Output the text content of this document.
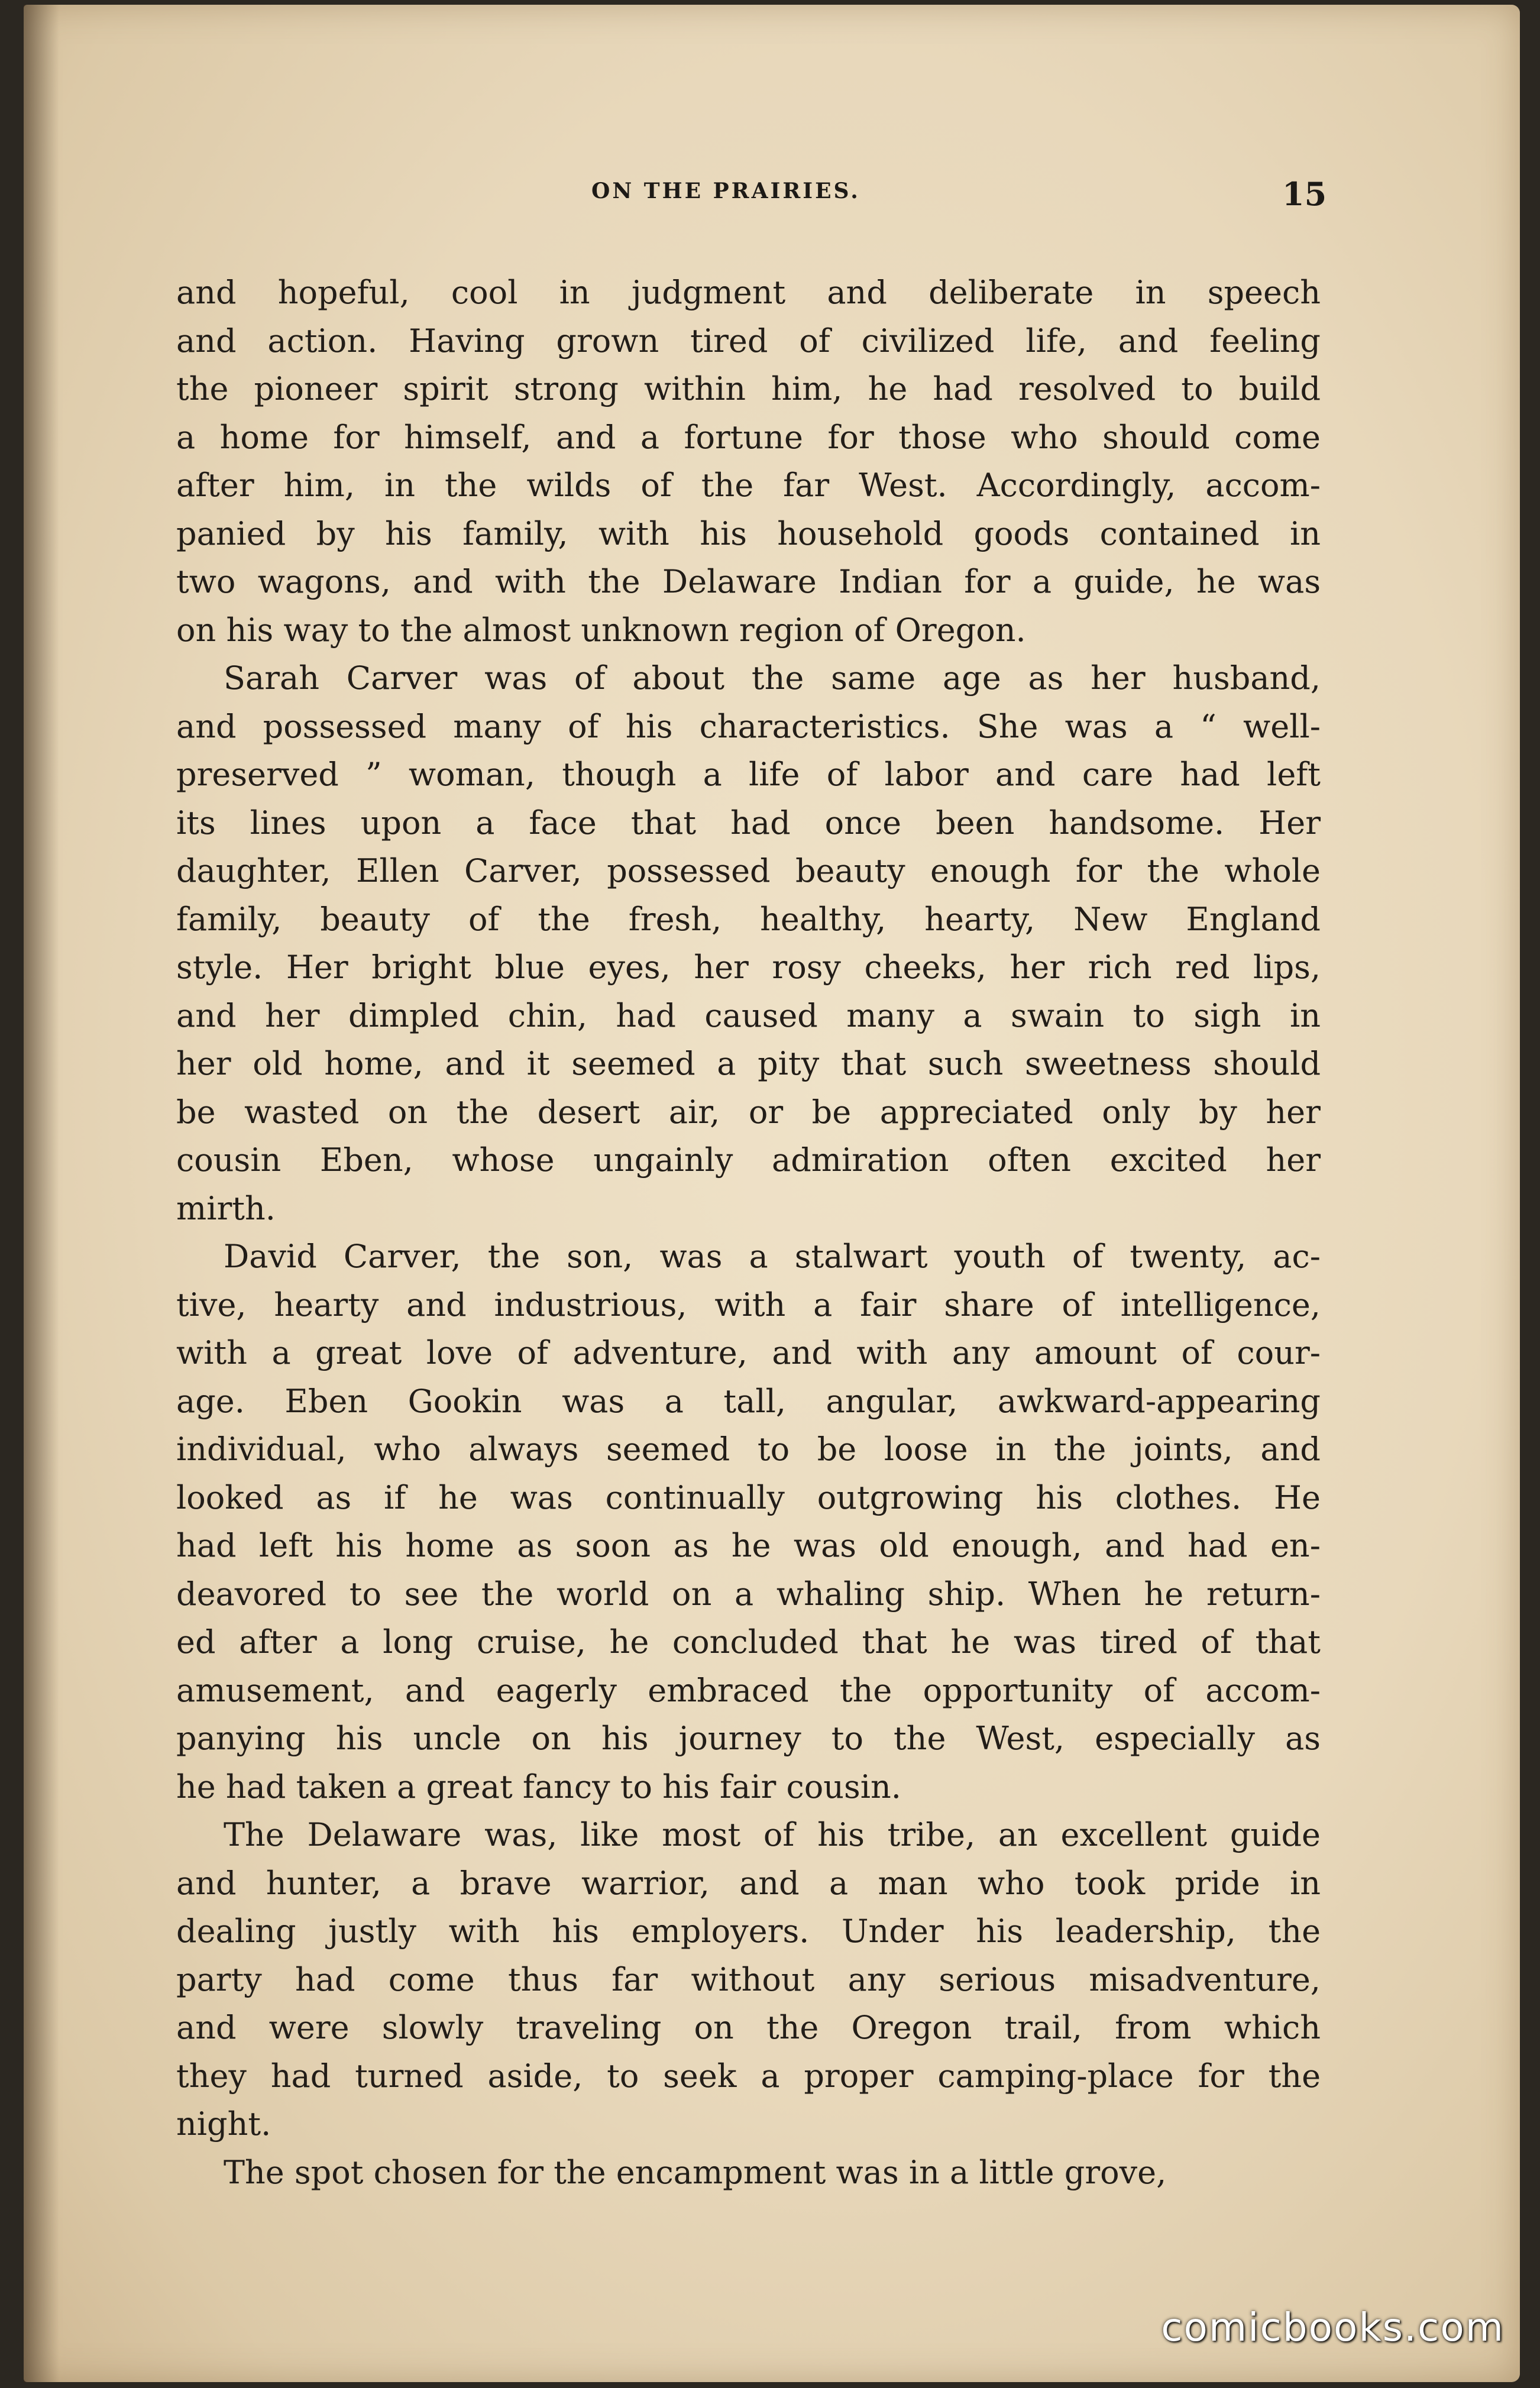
ON THE PRAIRIES.	15
and hopeful, cool in judgment and deliberate in speech
and action. Having grown tired of civilized life, and feeling
the pioneer spirit strong within him, he had resolved to build
a home for himself, and a fortune for those who should come
after him, in the wilds of the far West. Accordingly, accom-
panied by his family, with his household goods contained in
two wagons, and with the Delaware Indian for a guide, he was
on his way to the almost unknown region of Oregon.
Sarah Carver was of about the same age as her husband,
and possessed many of his characteristics. She was a “ well-
preserved ” woman, though a life of labor and care had left
its lines upon a face that had once been handsome. Her
daughter, Ellen Carver, possessed beauty enough for the whole
family, beauty of the fresh, healthy, hearty, New England
style. Her bright blue eyes, her rosy cheeks, her rich red lips,
and her dimpled chin, had caused many a swain to sigh in
her old home, and it seemed a pity that such sweetness should
be wasted on the desert air, or be appreciated only by her
cousin Eben, whose ungainly admiration often excited her
mirth.
David Carver, the son, was a stalwart youth of twenty, ac-
tive, hearty and industrious, with a fair share of intelligence,
with a great love of adventure, and with any amount of cour-
age. Eben Gookin was a tall, angular, awkward-appearing
individual, who always seemed to be loose in the joints, and
looked as if he was continually outgrowing his clothes. He
had left his home as soon as he was old enough, and had en-
deavored to see the world on a whaling ship. When he return-
ed after a long cruise, he concluded that he was tired of that
amusement, and eagerly embraced the opportunity of accom-
panying his uncle on his journey to the West, especially as
he had taken a great fancy to his fair cousin.
The Delaware was, like most of his tribe, an excellent guide
and hunter, a brave warrior, and a man who took pride in
dealing justly with his employers. Under his leadership, the
party had come thus far without any serious misadventure,
and were slowly traveling on the Oregon trail, from which
they had turned aside, to seek a proper camping-place for the
night.
The spot chosen for the encampment was in a little grove,
comicbooks.com
